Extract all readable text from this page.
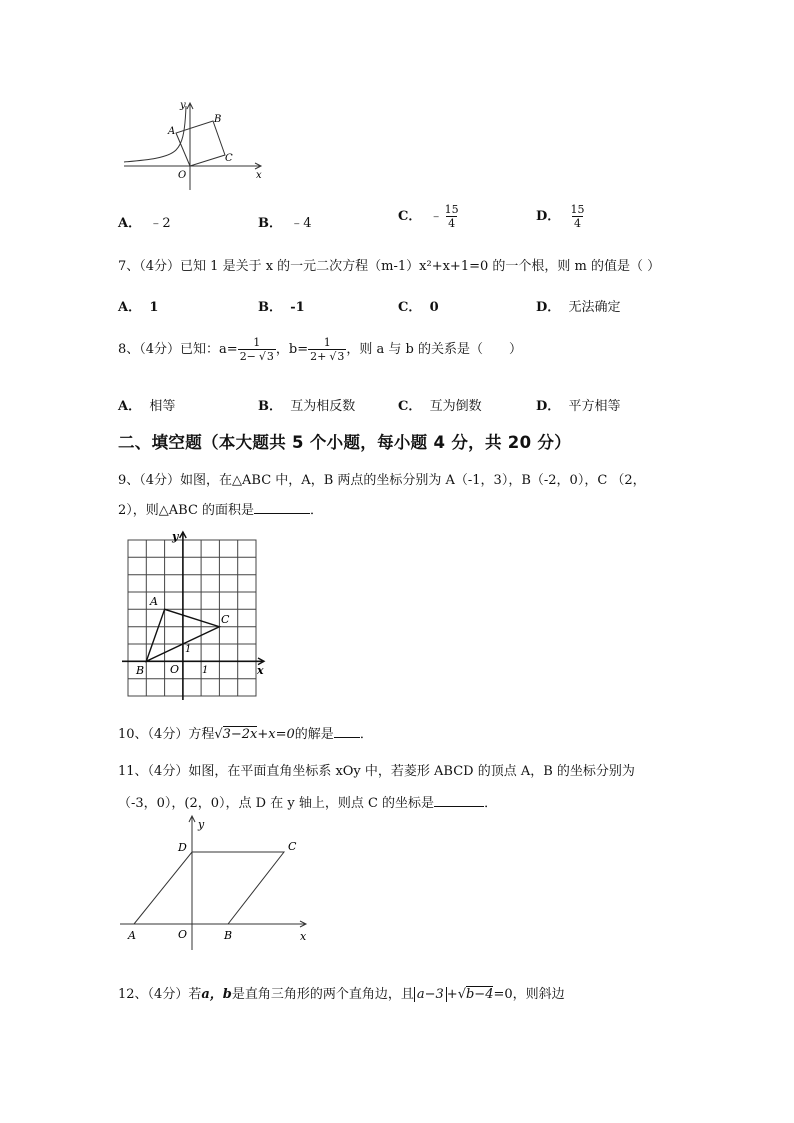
y
x
O
A
B
C
A． ﹣2	B． ﹣4	C． ﹣ $\frac{15}{4}$	D． $\frac{15}{4}$
7、（4分）已知 1 是关于 x 的一元二次方程（m-1）x²+x+1=0 的一个根，则 m 的值是（ ）
A． 1	B． -1	C． 0	D． 无法确定
8、（4分）已知：$a= \frac{1}{2- √3}$ ，$b= \frac{1}{2+ √3}$ ，则 a 与 b 的关系是（　　）
A． 相等	B． 互为相反数	C． 互为倒数	D． 平方相等
二、填空题（本大题共 5 个小题，每小题 4 分，共 20 分）
9、（4分）如图，在△ABC 中，A，B 两点的坐标分别为 A（-1，3），B（-2，0），C （2，
2），则△ABC 的面积是	．
y
x
O 1
1
A
B
C
10、（4分）方程√3−2x+x=0的解是 ．
11、（4分）如图，在平面直角坐标系 xOy 中，若菱形 ABCD 的顶点 A，B 的坐标分别为
（-3，0），(2，0），点 D 在 y 轴上，则点 C 的坐标是	．
y
x
O
A	B
C
D
12、（4分）若a，b是直角三角形的两个直角边，且 a−3 +√b−4=0，则斜边
